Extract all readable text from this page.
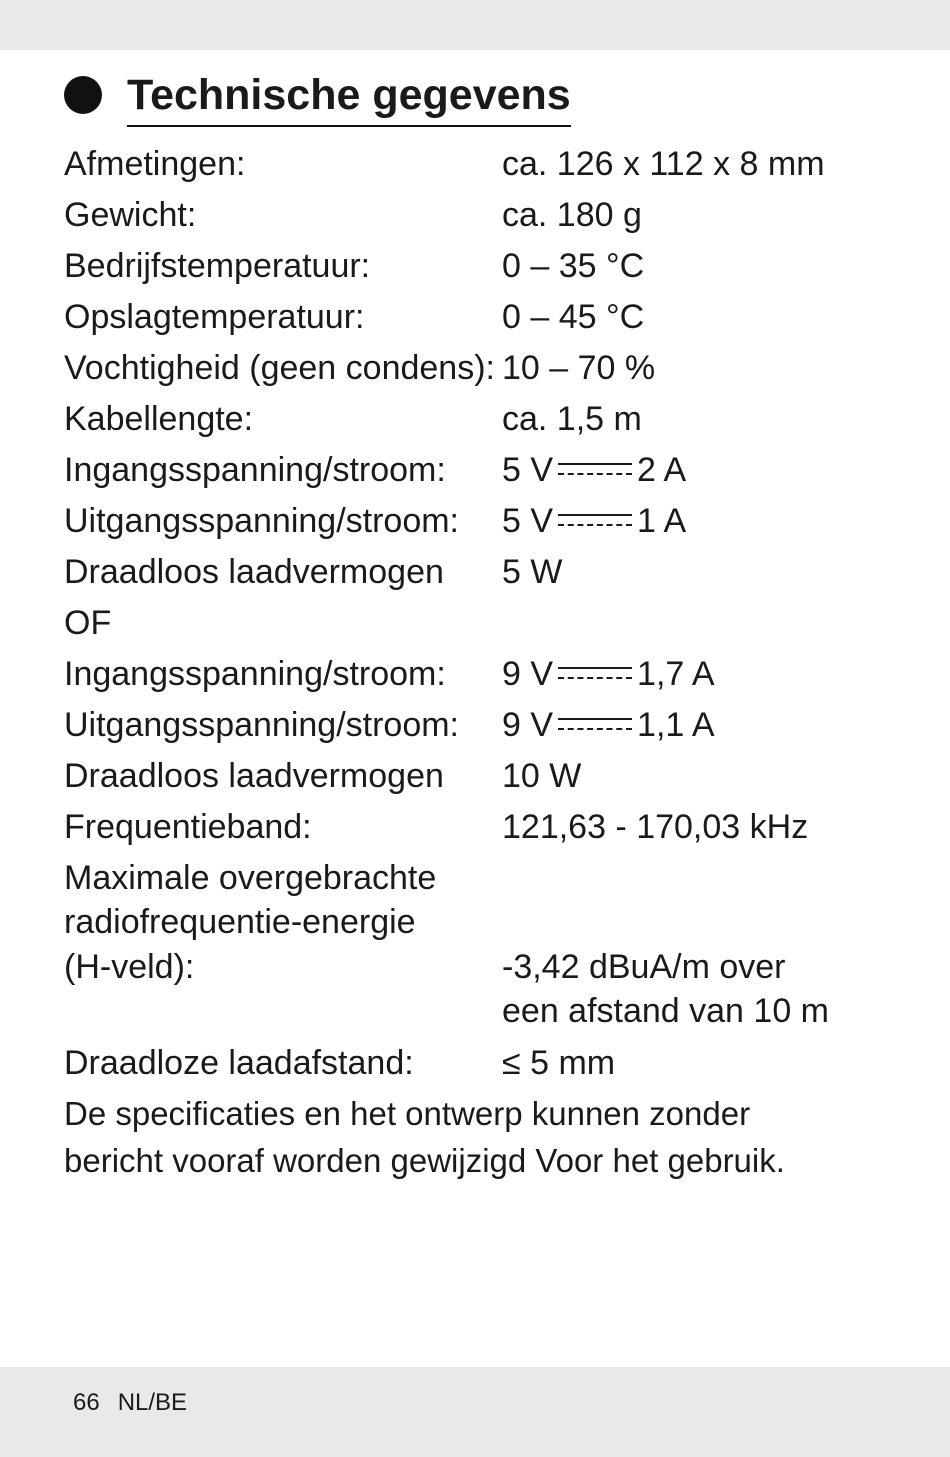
Technische gegevens
Afmetingen:	ca. 126 x 112 x 8 mm
Gewicht:	ca. 180 g
Bedrijfstemperatuur:	0 – 35 °C
Opslagtemperatuur:	0 – 45 °C
Vochtigheid (geen condens): 10 – 70 %
Kabellengte:	ca. 1,5 m
Ingangsspanning/stroom: 5 V 2 A
Uitgangsspanning/stroom: 5 V 1 A
Draadloos laadvermogen 5 W
OF
Ingangsspanning/stroom: 9 V 1,7 A
Uitgangsspanning/stroom: 9 V 1,1 A
Draadloos laadvermogen 10 W
Frequentieband:	121,63 - 170,03 kHz
Maximale overgebrachte
radiofrequentie-energie
(H-veld):	-3,42 dBuA/m over
een afstand van 10 m
Draadloze laadafstand:	≤ 5 mm
De specificaties en het ontwerp kunnen zonder
bericht vooraf worden gewijzigd Voor het gebruik.
66 NL/BE
